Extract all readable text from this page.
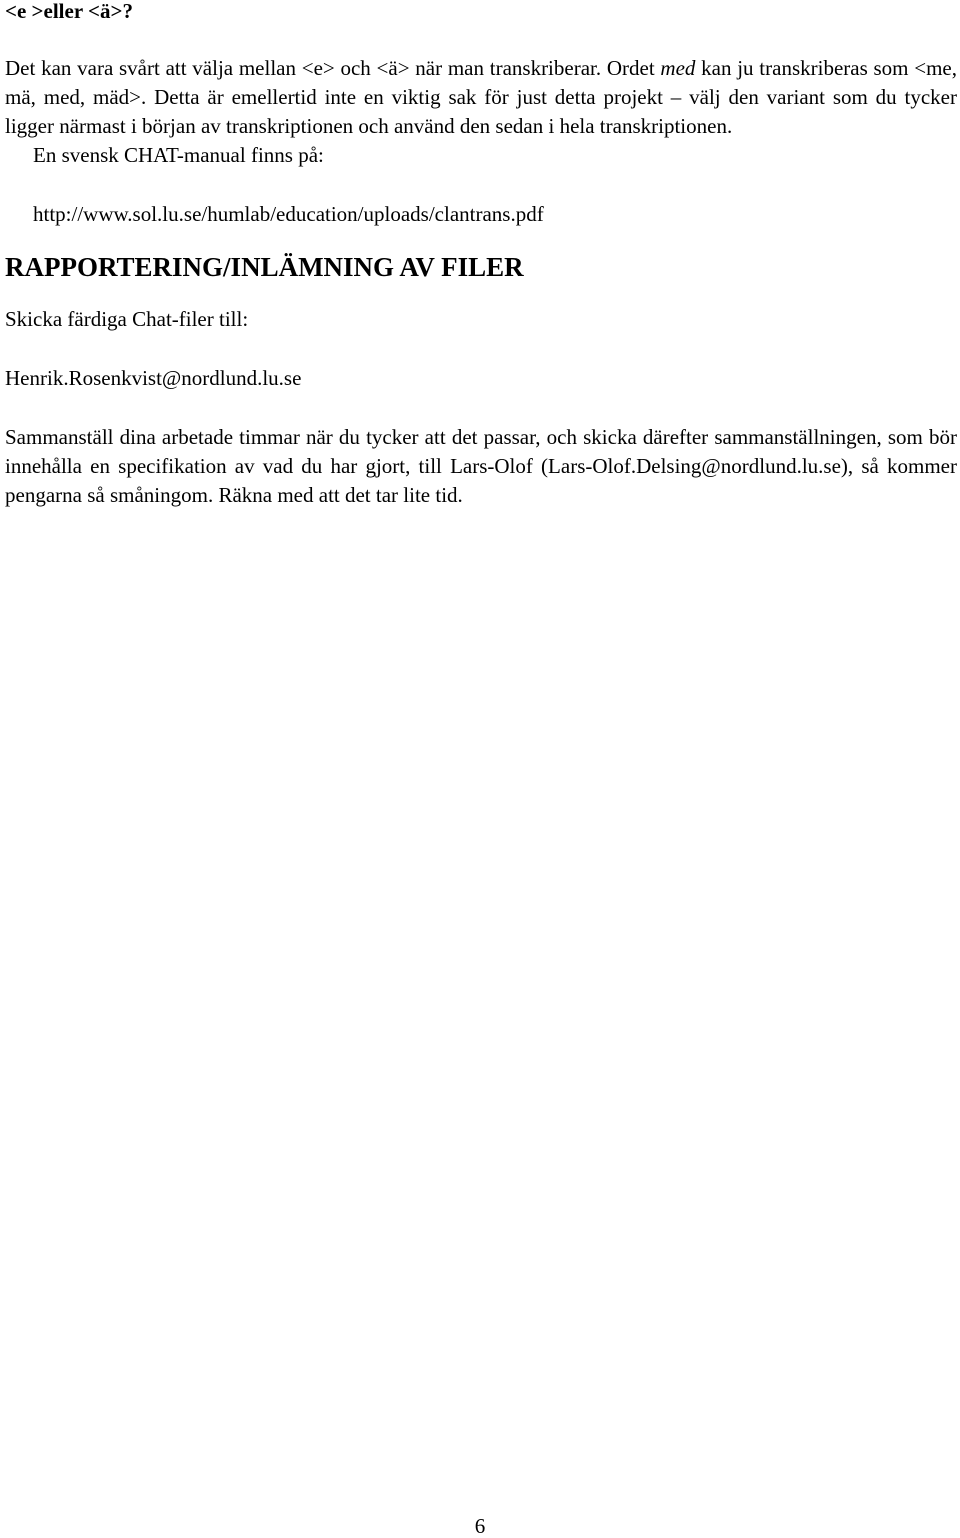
<e >eller <ä>?

Det kan vara svårt att välja mellan <e> och <ä> när man transkriberar. Ordet med kan ju transkriberas som <me, mä, med, mäd>. Detta är emellertid inte en viktig sak för just detta projekt – välj den variant som du tycker ligger närmast i början av transkriptionen och använd den sedan i hela transkriptionen.

En svensk CHAT-manual finns på:

http://www.sol.lu.se/humlab/education/uploads/clantrans.pdf

RAPPORTERING/INLÄMNING AV FILER

Skicka färdiga Chat-filer till:

Henrik.Rosenkvist@nordlund.lu.se

Sammanställ dina arbetade timmar när du tycker att det passar, och skicka därefter sammanställningen, som bör innehålla en specifikation av vad du har gjort, till Lars-Olof (Lars-Olof.Delsing@nordlund.lu.se), så kommer pengarna så småningom. Räkna med att det tar lite tid.

6
